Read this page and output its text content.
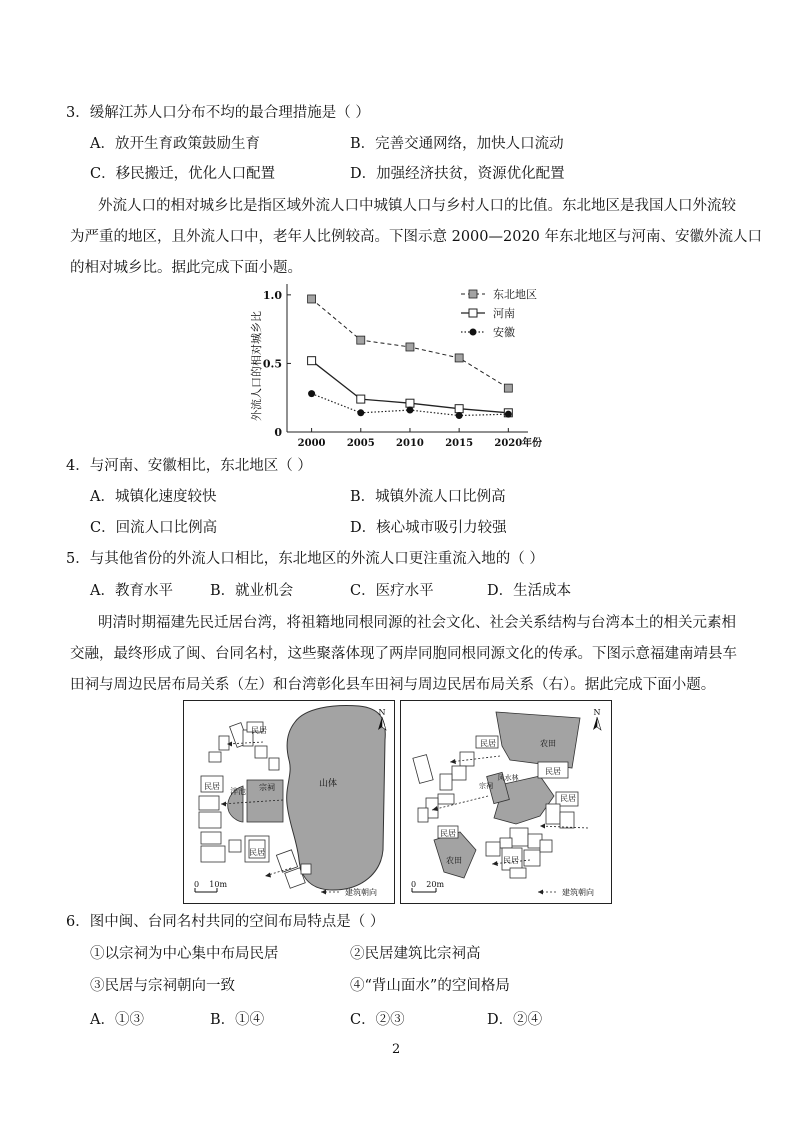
3．缓解江苏人口分布不均的最合理措施是（ ）
A．放开生育政策鼓励生育	B．完善交通网络，加快人口流动
C．移民搬迁，优化人口配置	D．加强经济扶贫，资源优化配置
外流人口的相对城乡比是指区域外流人口中城镇人口与乡村人口的比值。东北地区是我国人口外流较
为严重的地区，且外流人口中，老年人比例较高。下图示意 2000—2020 年东北地区与河南、安徽外流人口
的相对城乡比。据此完成下面小题。
0
0.5
1.0
2000 2005 2010 2015 2020 年份
外流人口的相对城乡比
东北地区
河南
安徽
4．与河南、安徽相比，东北地区（ ）
A．城镇化速度较快	B．城镇外流人口比例高
C．回流人口比例高	D．核心城市吸引力较强
5．与其他省份的外流人口相比，东北地区的外流人口更注重流入地的（ ）
A．教育水平	B．就业机会	C．医疗水平	D．生活成本
明清时期福建先民迁居台湾，将祖籍地同根同源的社会文化、社会关系结构与台湾本土的相关元素相
交融，最终形成了闽、台同名村，这些聚落体现了两岸同胞同根同源文化的传承。下图示意福建南靖县车
田祠与周边民居布局关系（左）和台湾彰化县车田祠与周边民居布局关系（右）。据此完成下面小题。
山体
N
泮池 宗祠
民居
民居
民居
0    10m
建筑朝向
N
农田
农田
宗祠
风水林
民居
民居
民居
民居
民居
0    20m
建筑朝向
6．图中闽、台同名村共同的空间布局特点是（ ）
①以宗祠为中心集中布局民居	②民居建筑比宗祠高
③民居与宗祠朝向一致	④“背山面水”的空间格局
A．①③	B．①④	C．②③	D．②④
2
